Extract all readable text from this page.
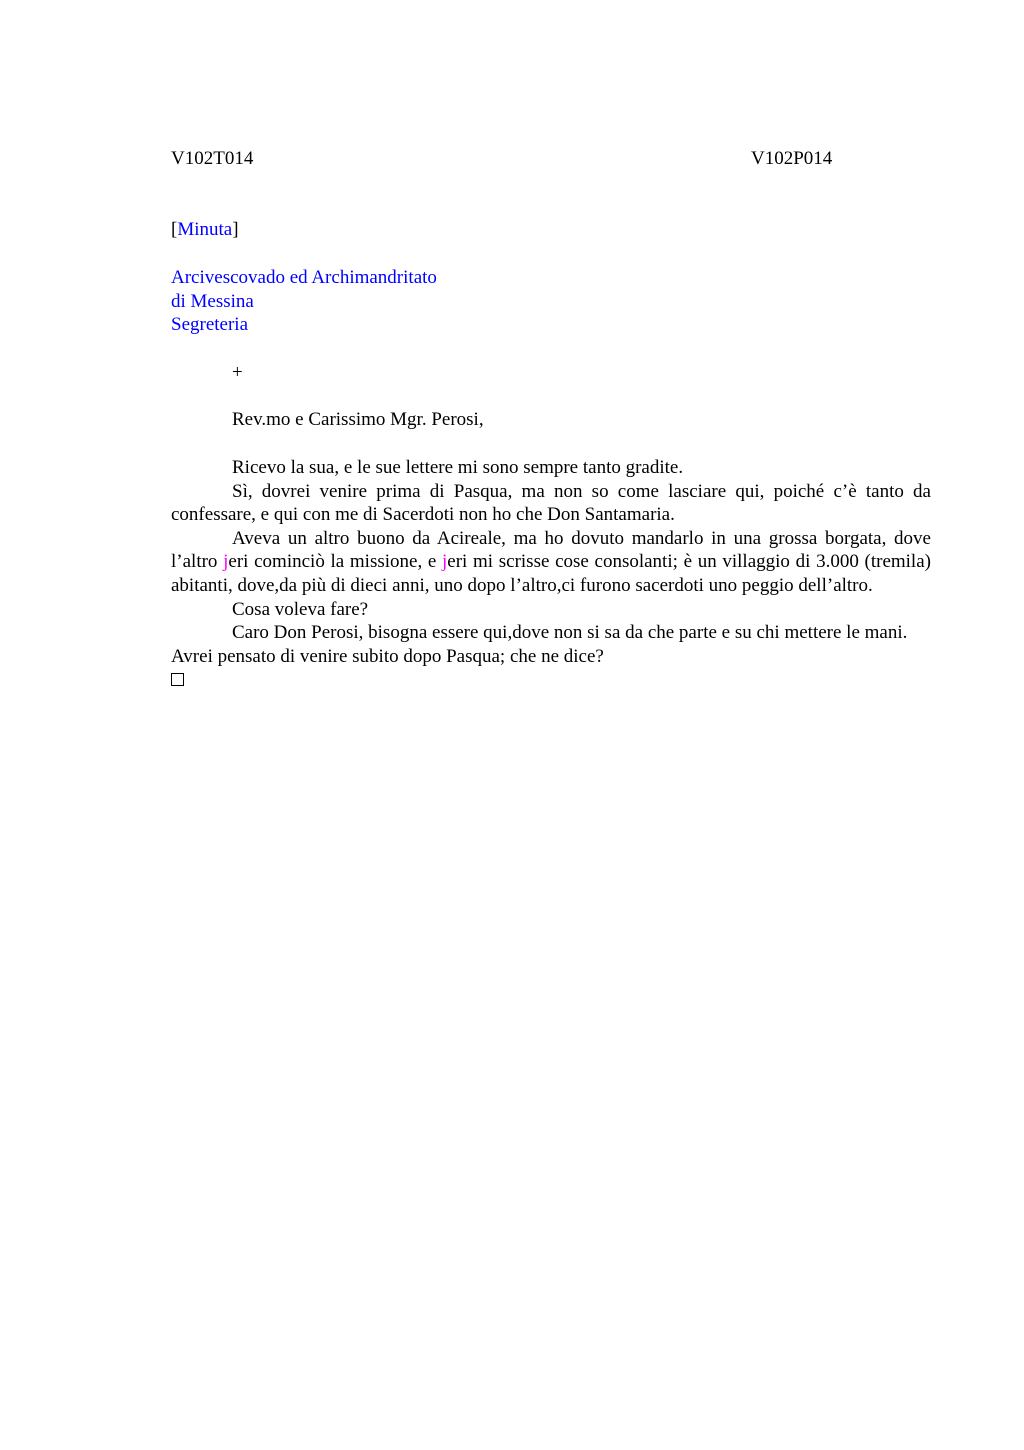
V102T014	V102P014
[Minuta]
Arcivescovado ed Archimandritato
di Messina
Segreteria
+
Rev.mo e Carissimo Mgr. Perosi,

Ricevo la sua, e le sue lettere mi sono sempre tanto gradite.

Sì, dovrei venire prima di Pasqua, ma non so come lasciare qui, poiché c’è tanto da confessare, e qui con me di Sacerdoti non ho che Don Santamaria.

Aveva un altro buono da Acireale, ma ho dovuto mandarlo in una grossa borgata, dove l’altro jeri cominciò la missione, e jeri mi scrisse cose consolanti; è un villaggio di 3.000 (tremila) abitanti, dove,da più di dieci anni, uno dopo l’altro,ci furono sacerdoti uno peggio dell’altro.

Cosa voleva fare?

Caro Don Perosi, bisogna essere qui,dove non si sa da che parte e su chi mettere le mani. Avrei pensato di venire subito dopo Pasqua; che ne dice?
